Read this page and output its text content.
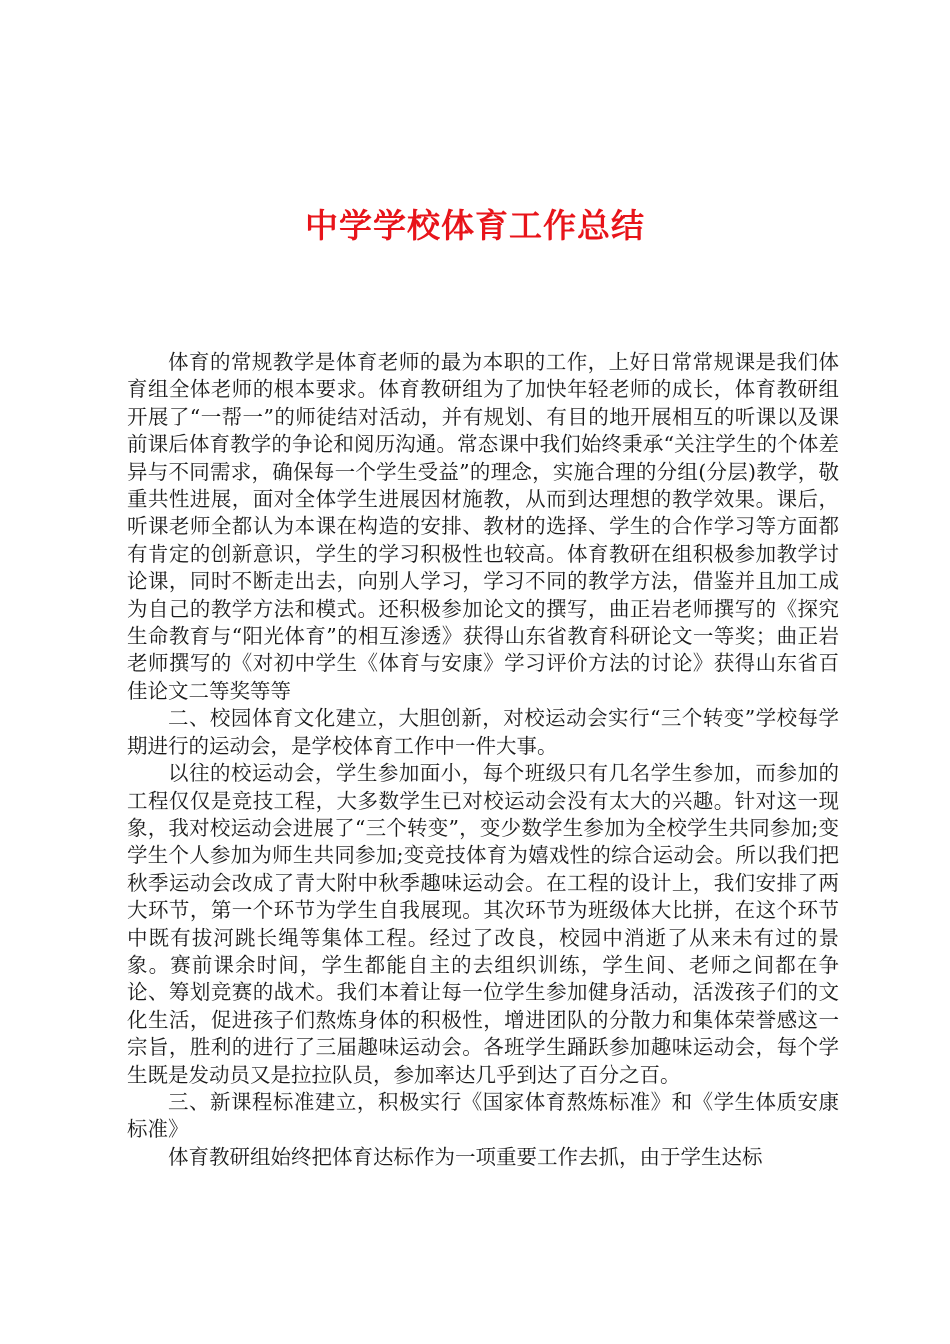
中学学校体育工作总结

体育的常规教学是体育老师的最为本职的工作，上好日常常规课是我们体育组全体老师的根本要求。体育教研组为了加快年轻老师的成长，体育教研组开展了“一帮一”的师徒结对活动，并有规划、有目的地开展相互的听课以及课前课后体育教学的争论和阅历沟通。常态课中我们始终秉承“关注学生的个体差异与不同需求，确保每一个学生受益”的理念，实施合理的分组(分层)教学，敬重共性进展，面对全体学生进展因材施教，从而到达理想的教学效果。课后，听课老师全都认为本课在构造的安排、教材的选择、学生的合作学习等方面都有肯定的创新意识，学生的学习积极性也较高。体育教研在组积极参加教学讨论课，同时不断走出去，向别人学习，学习不同的教学方法，借鉴并且加工成为自己的教学方法和模式。还积极参加论文的撰写，曲正岩老师撰写的《探究生命教育与“阳光体育”的相互渗透》获得山东省教育科研论文一等奖；曲正岩老师撰写的《对初中学生《体育与安康》学习评价方法的讨论》获得山东省百佳论文二等奖等等

二、校园体育文化建立，大胆创新，对校运动会实行“三个转变”学校每学期进行的运动会，是学校体育工作中一件大事。

以往的校运动会，学生参加面小，每个班级只有几名学生参加，而参加的工程仅仅是竞技工程，大多数学生已对校运动会没有太大的兴趣。针对这一现象，我对校运动会进展了“三个转变”，变少数学生参加为全校学生共同参加;变学生个人参加为师生共同参加;变竞技体育为嬉戏性的综合运动会。所以我们把秋季运动会改成了青大附中秋季趣味运动会。在工程的设计上，我们安排了两大环节，第一个环节为学生自我展现。其次环节为班级体大比拼，在这个环节中既有拔河跳长绳等集体工程。经过了改良，校园中消逝了从来未有过的景象。赛前课余时间，学生都能自主的去组织训练，学生间、老师之间都在争论、筹划竞赛的战术。我们本着让每一位学生参加健身活动，活泼孩子们的文化生活，促进孩子们熬炼身体的积极性，增进团队的分散力和集体荣誉感这一宗旨，胜利的进行了三届趣味运动会。各班学生踊跃参加趣味运动会，每个学生既是发动员又是拉拉队员，参加率达几乎到达了百分之百。

三、新课程标准建立，积极实行《国家体育熬炼标准》和《学生体质安康标准》

体育教研组始终把体育达标作为一项重要工作去抓，由于学生达标
